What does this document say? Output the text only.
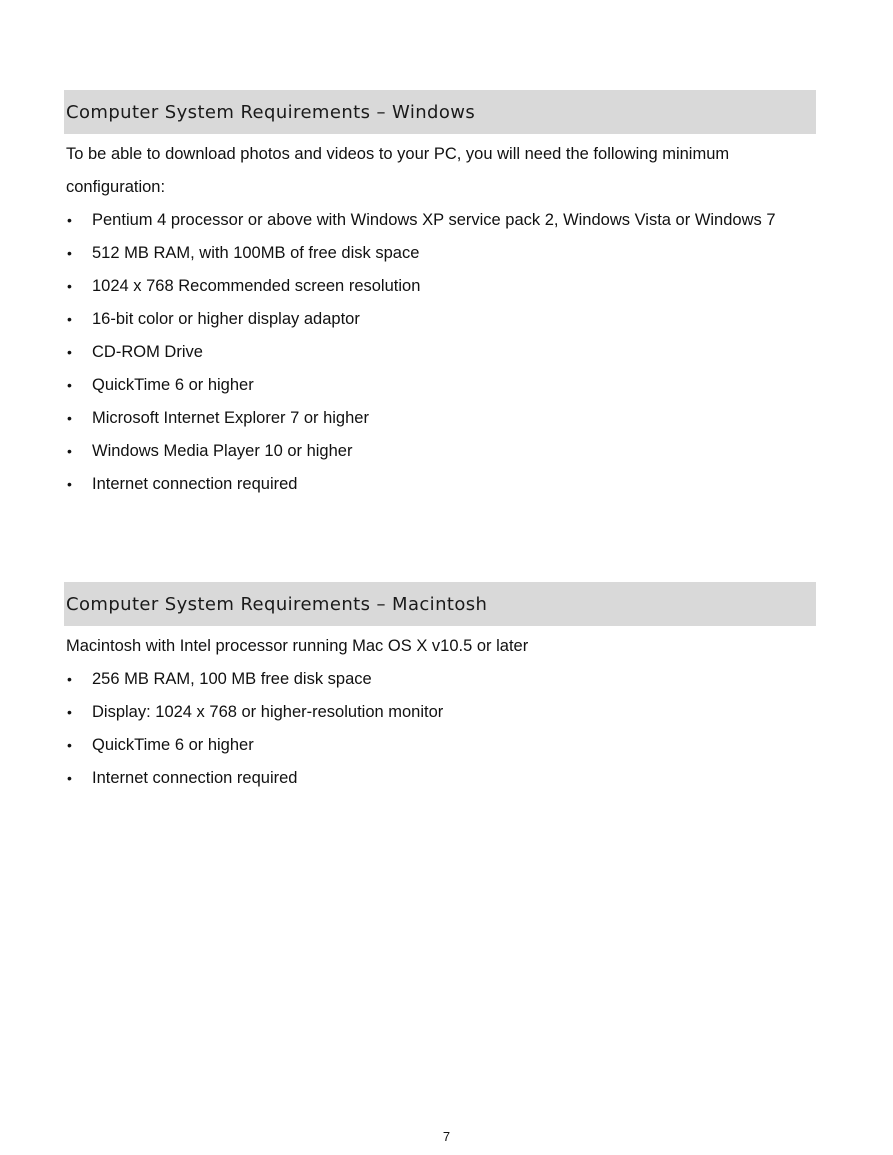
Computer System Requirements – Windows

To be able to download photos and videos to your PC, you will need the following minimum configuration:

• Pentium 4 processor or above with Windows XP service pack 2, Windows Vista or Windows 7
• 512 MB RAM, with 100MB of free disk space
• 1024 x 768 Recommended screen resolution
• 16-bit color or higher display adaptor
• CD-ROM Drive
• QuickTime 6 or higher
• Microsoft Internet Explorer 7 or higher
• Windows Media Player 10 or higher
• Internet connection required
Computer System Requirements – Macintosh

Macintosh with Intel processor running Mac OS X v10.5 or later

• 256 MB RAM, 100 MB free disk space
• Display: 1024 x 768 or higher-resolution monitor
• QuickTime 6 or higher
• Internet connection required
7
